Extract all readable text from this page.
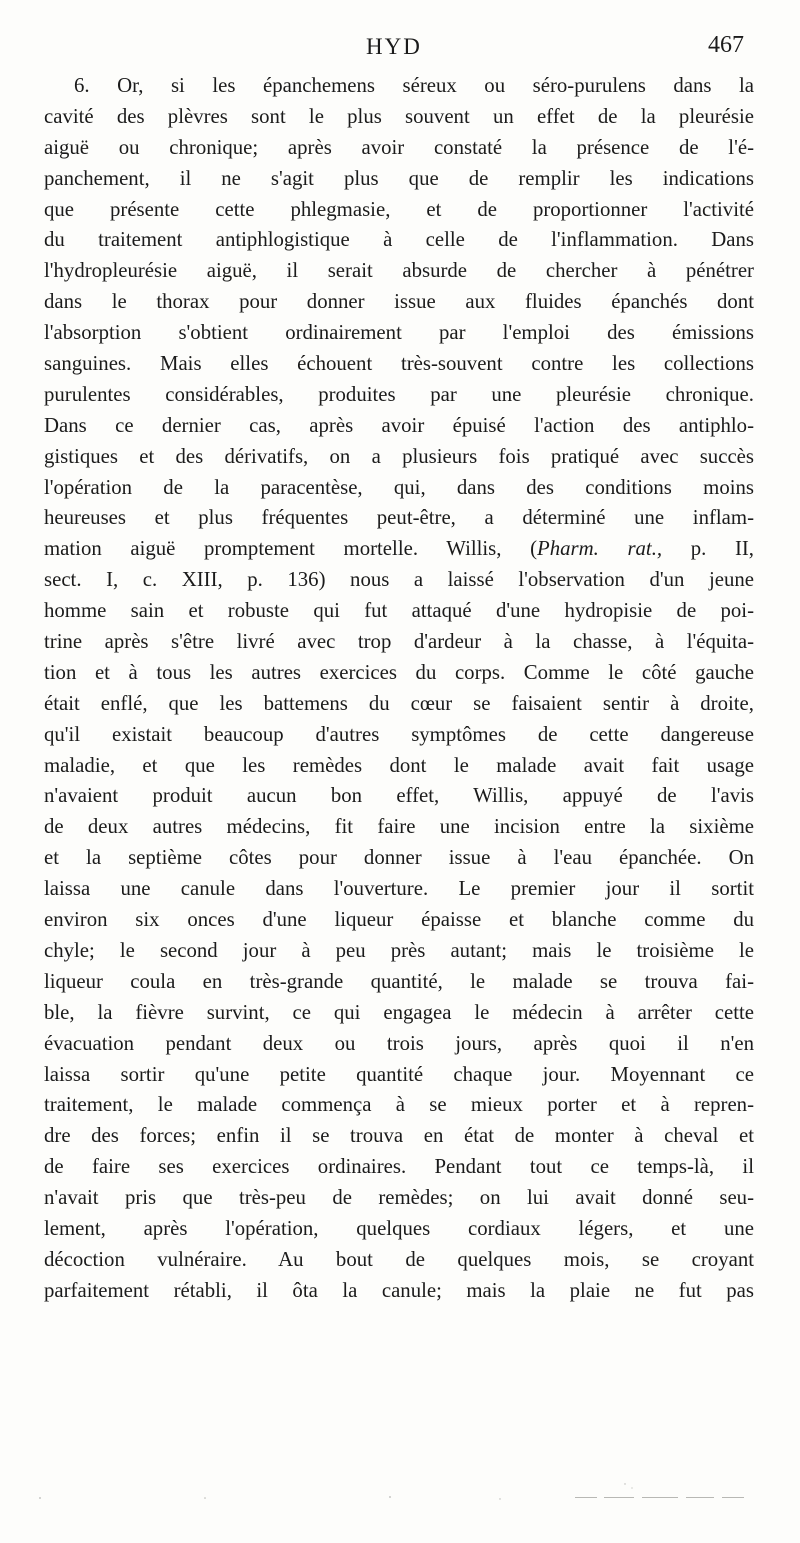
HYD	467
6. Or, si les épanchemens séreux ou séro-purulens dans la
cavité des plèvres sont le plus souvent un effet de la pleurésie
aiguë ou chronique; après avoir constaté la présence de l'é-
panchement, il ne s'agit plus que de remplir les indications
que présente cette phlegmasie, et de proportionner l'activité
du traitement antiphlogistique à celle de l'inflammation. Dans
l'hydropleurésie aiguë, il serait absurde de chercher à pénétrer
dans le thorax pour donner issue aux fluides épanchés dont
l'absorption s'obtient ordinairement par l'emploi des émissions
sanguines. Mais elles échouent très-souvent contre les collections
purulentes considérables, produites par une pleurésie chronique.
Dans ce dernier cas, après avoir épuisé l'action des antiphlo-
gistiques et des dérivatifs, on a plusieurs fois pratiqué avec succès
l'opération de la paracentèse, qui, dans des conditions moins
heureuses et plus fréquentes peut-être, a déterminé une inflam-
mation aiguë promptement mortelle. Willis, (Pharm. rat., p. II,
sect. I, c. XIII, p. 136) nous a laissé l'observation d'un jeune
homme sain et robuste qui fut attaqué d'une hydropisie de poi-
trine après s'être livré avec trop d'ardeur à la chasse, à l'équita-
tion et à tous les autres exercices du corps. Comme le côté gauche
était enflé, que les battemens du cœur se faisaient sentir à droite,
qu'il existait beaucoup d'autres symptômes de cette dangereuse
maladie, et que les remèdes dont le malade avait fait usage
n'avaient produit aucun bon effet, Willis, appuyé de l'avis
de deux autres médecins, fit faire une incision entre la sixième
et la septième côtes pour donner issue à l'eau épanchée. On
laissa une canule dans l'ouverture. Le premier jour il sortit
environ six onces d'une liqueur épaisse et blanche comme du
chyle; le second jour à peu près autant; mais le troisième le
liqueur coula en très-grande quantité, le malade se trouva fai-
ble, la fièvre survint, ce qui engagea le médecin à arrêter cette
évacuation pendant deux ou trois jours, après quoi il n'en
laissa sortir qu'une petite quantité chaque jour. Moyennant ce
traitement, le malade commença à se mieux porter et à repren-
dre des forces; enfin il se trouva en état de monter à cheval et
de faire ses exercices ordinaires. Pendant tout ce temps-là, il
n'avait pris que très-peu de remèdes; on lui avait donné seu-
lement, après l'opération, quelques cordiaux légers, et une
décoction vulnéraire. Au bout de quelques mois, se croyant
parfaitement rétabli, il ôta la canule; mais la plaie ne fut pas
